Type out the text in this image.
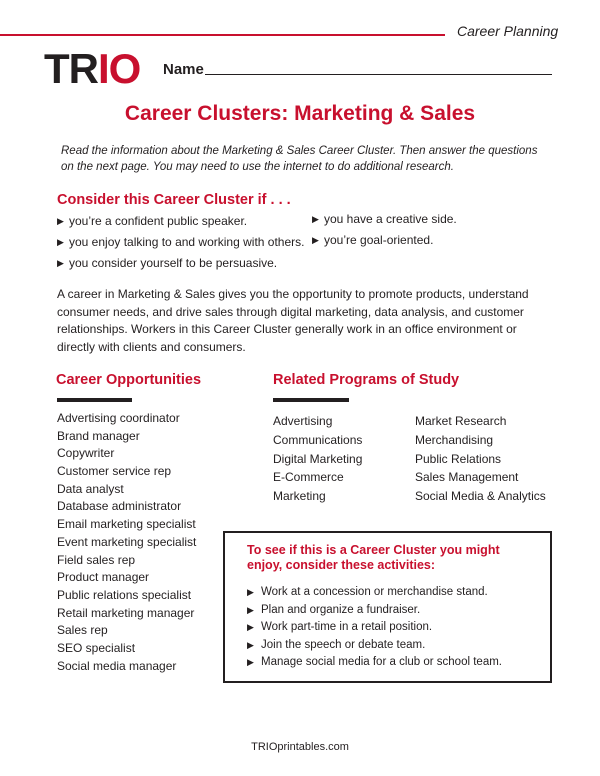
Career Planning
TRIO Name
Career Clusters: Marketing & Sales

Read the information about the Marketing & Sales Career Cluster. Then answer the questions on the next page. You may need to use the internet to do additional research.

Consider this Career Cluster if . . .
▶ you’re a confident public speaker.
▶ you enjoy talking to and working with others.
▶ you consider yourself to be persuasive.
▶ you have a creative side.
▶ you’re goal-oriented.

A career in Marketing & Sales gives you the opportunity to promote products, understand consumer needs, and drive sales through digital marketing, data analysis, and customer relationships. Workers in this Career Cluster generally work in an office environment or directly with clients and consumers.

Career Opportunities
Advertising coordinator
Brand manager
Copywriter
Customer service rep
Data analyst
Database administrator
Email marketing specialist
Event marketing specialist
Field sales rep
Product manager
Public relations specialist
Retail marketing manager
Sales rep
SEO specialist
Social media manager
Related Programs of Study
Advertising
Communications
Digital Marketing
E-Commerce
Marketing
Market Research
Merchandising
Public Relations
Sales Management
Social Media & Analytics
To see if this is a Career Cluster you might enjoy, consider these activities:
▶ Work at a concession or merchandise stand.
▶ Plan and organize a fundraiser.
▶ Work part-time in a retail position.
▶ Join the speech or debate team.
▶ Manage social media for a club or school team.
TRIOprintables.com
